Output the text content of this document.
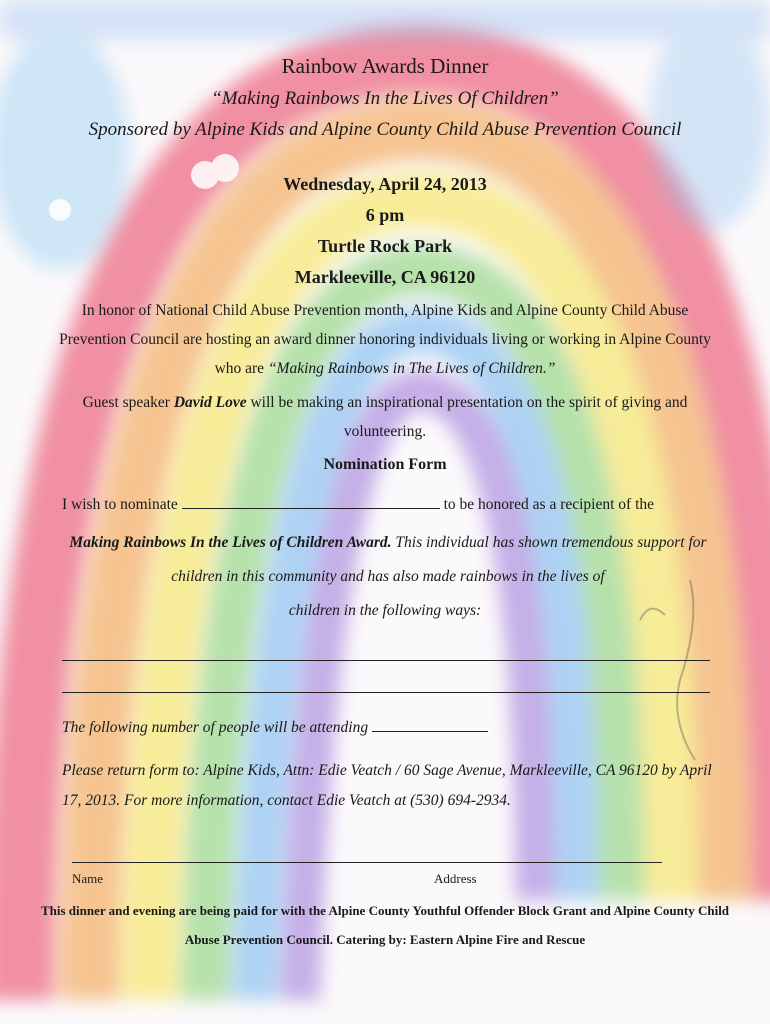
Rainbow Awards Dinner
“Making Rainbows In the Lives Of Children”
Sponsored by Alpine Kids and Alpine County Child Abuse Prevention Council
Wednesday, April 24, 2013
6 pm
Turtle Rock Park
Markleeville, CA 96120
In honor of National Child Abuse Prevention month, Alpine Kids and Alpine County Child Abuse Prevention Council are hosting an award dinner honoring individuals living or working in Alpine County who are “Making Rainbows in The Lives of Children.”
Guest speaker David Love will be making an inspirational presentation on the spirit of giving and volunteering.
Nomination Form
I wish to nominate	to be honored as a recipient of the
Making Rainbows In the Lives of Children Award. This individual has shown tremendous support for children in this community and has also made rainbows in the lives of
children in the following ways:
The following number of people will be attending
Please return form to: Alpine Kids, Attn: Edie Veatch / 60 Sage Avenue, Markleeville, CA 96120 by April 17, 2013. For more information, contact Edie Veatch at (530) 694-2934.
Name	Address
This dinner and evening are being paid for with the Alpine County Youthful Offender Block Grant and Alpine County Child Abuse Prevention Council. Catering by: Eastern Alpine Fire and Rescue
